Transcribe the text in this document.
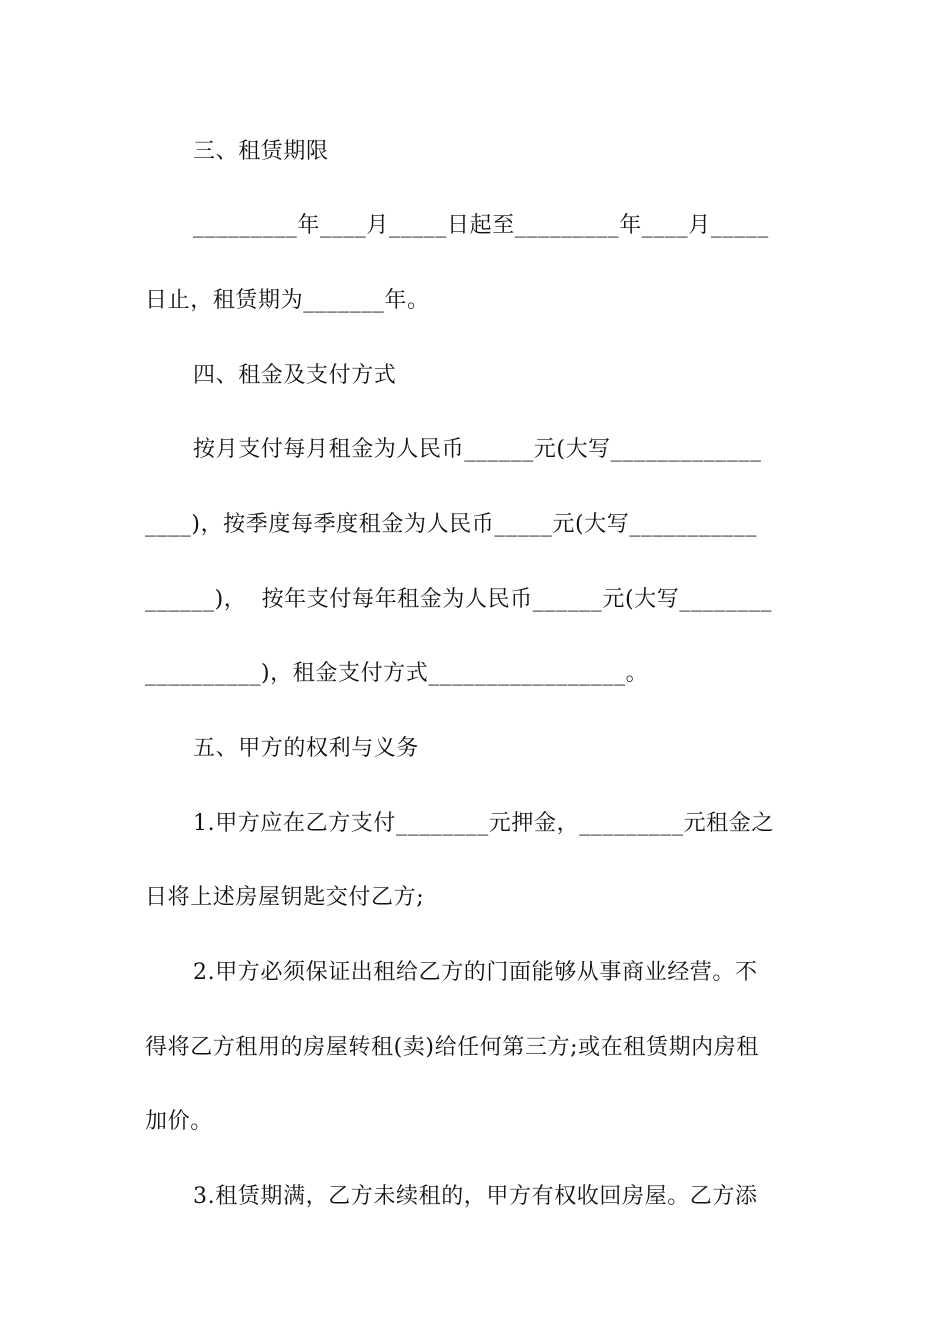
三、租赁期限
_________年____月_____日起至_________年____月_____
日止，租赁期为_______年。
四、租金及支付方式
按月支付每月租金为人民币______元(大写_____________
____)，按季度每季度租金为人民币_____元(大写___________
______)，  按年支付每年租金为人民币______元(大写________
__________)，租金支付方式_________________。
五、甲方的权利与义务
1.甲方应在乙方支付________元押金，_________元租金之
日将上述房屋钥匙交付乙方;
2.甲方必须保证出租给乙方的门面能够从事商业经营。不
得将乙方租用的房屋转租(卖)给任何第三方;或在租赁期内房租
加价。
3.租赁期满，乙方未续租的，甲方有权收回房屋。乙方添
